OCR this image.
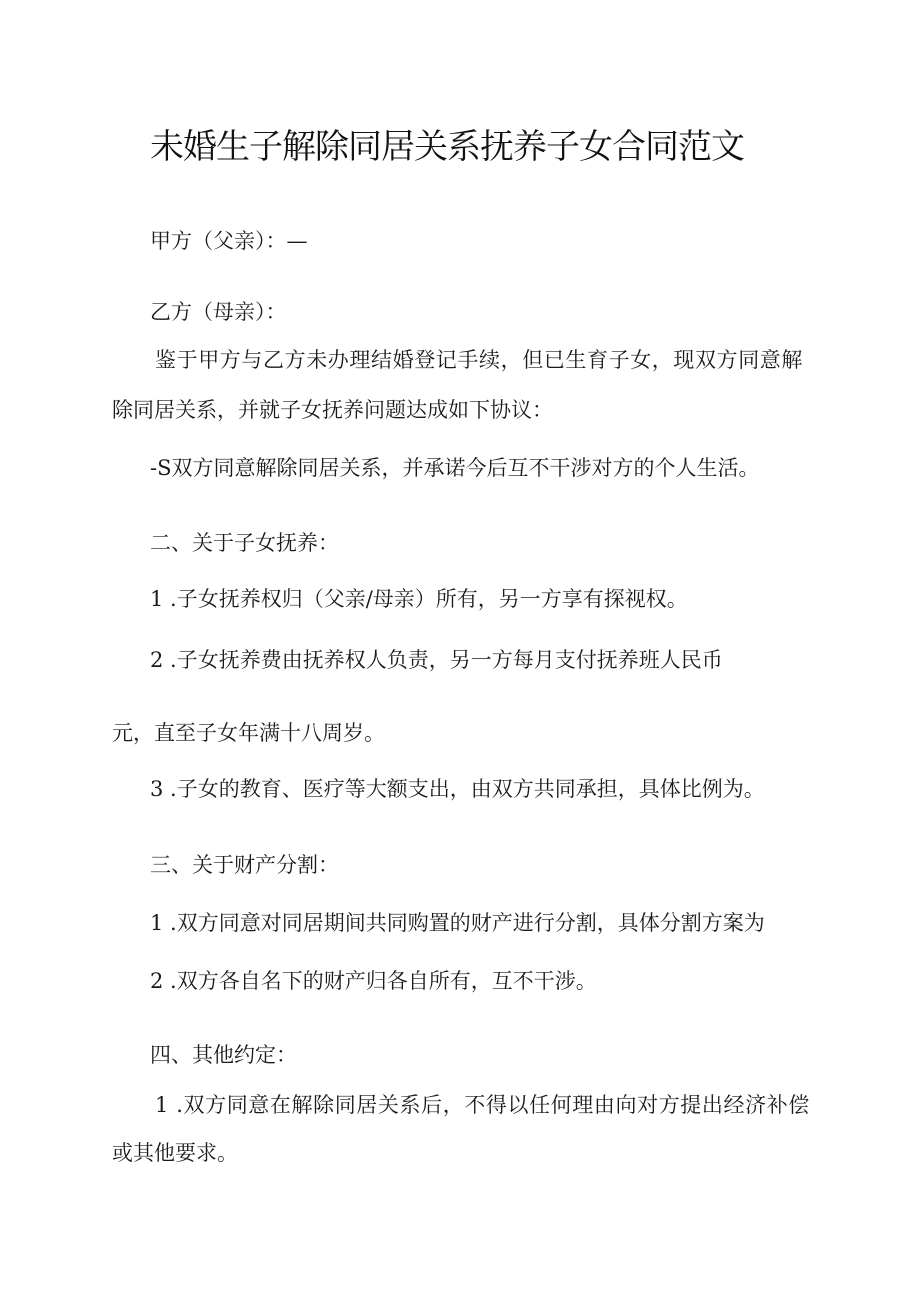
未婚生子解除同居关系抚养子女合同范文
甲方（父亲）：—
乙方（母亲）：
鉴于甲方与乙方未办理结婚登记手续，但已生育子女，现双方同意解
除同居关系，并就子女抚养问题达成如下协议：
-S双方同意解除同居关系，并承诺今后互不干涉对方的个人生活。
二、关于子女抚养：
1 .子女抚养权归（父亲/母亲）所有，另一方享有探视权。
2 .子女抚养费由抚养权人负责，另一方每月支付抚养班人民币
元，直至子女年满十八周岁。
3 .子女的教育、医疗等大额支出，由双方共同承担，具体比例为。
三、关于财产分割：
1 .双方同意对同居期间共同购置的财产进行分割，具体分割方案为
2 .双方各自名下的财产归各自所有，互不干涉。
四、其他约定：
1 .双方同意在解除同居关系后，不得以任何理由向对方提出经济补偿
或其他要求。
